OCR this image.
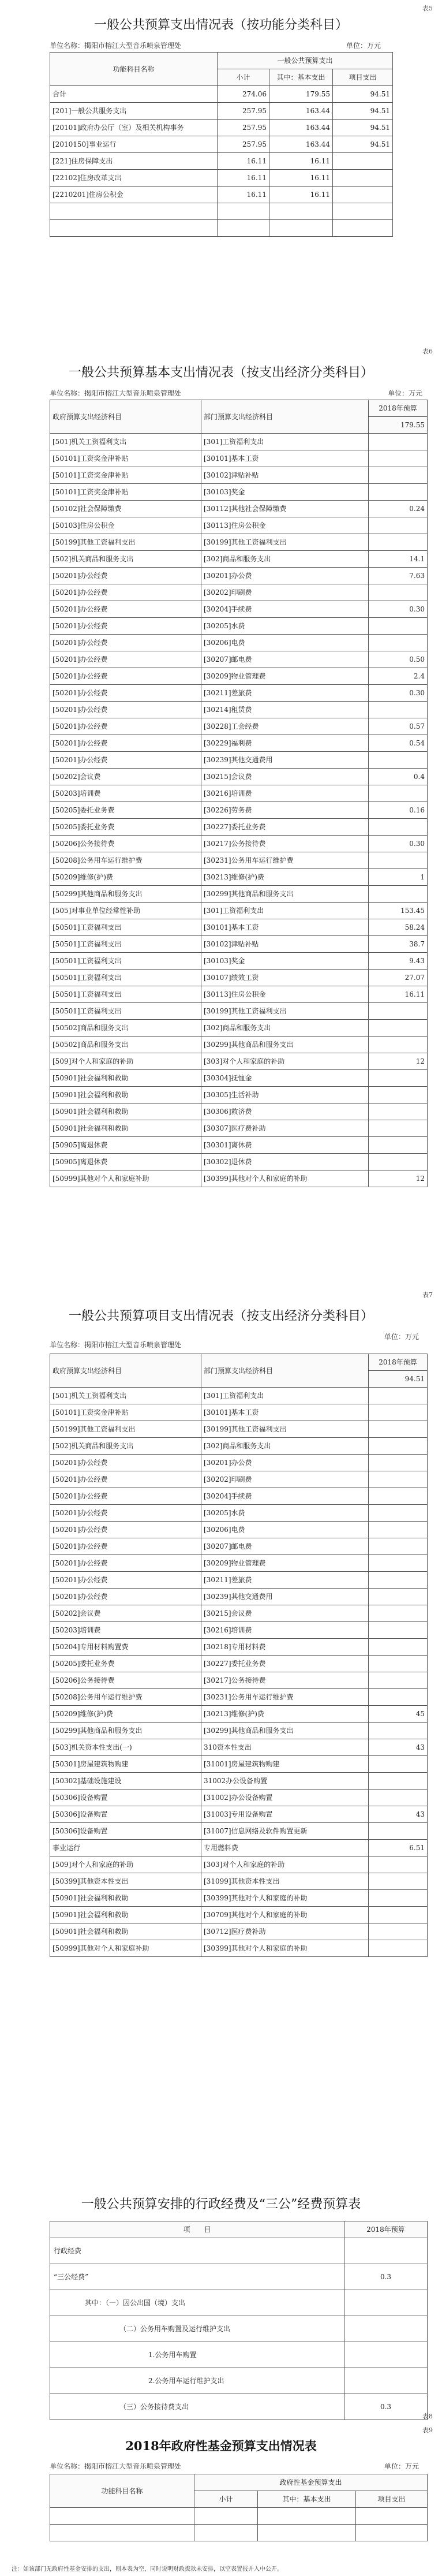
表5
一般公共预算支出情况表（按功能分类科目）
单位名称：揭阳市榕江大型音乐喷泉管理处	单位：万元
功能科目名称	一般公共预算支出		
	小计	其中：基本支出	项目支出
合计	274.06	179.55	94.51
[201]一般公共服务支出	257.95	163.44	94.51
[20101]政府办公厅（室）及相关机构事务	257.95	163.44	94.51
[2010150]事业运行	257.95	163.44	94.51
[221]住房保障支出	16.11	16.11	
[22102]住房改革支出	16.11	16.11	
[2210201]住房公积金	16.11	16.11	

表6
一般公共预算基本支出情况表（按支出经济分类科目）
单位名称：揭阳市榕江大型音乐喷泉管理处	单位：万元
政府预算支出经济科目	部门预算支出经济科目	2018年预算
		179.55
[501]机关工资福利支出	[301]工资福利支出	
[50101]工资奖金津补贴	[30101]基本工资	
[50101]工资奖金津补贴	[30102]津贴补贴	
[50101]工资奖金津补贴	[30103]奖金	
[50102]社会保障缴费	[30112]其他社会保障缴费	0.24
[50103]住房公积金	[30113]住房公积金	
[50199]其他工资福利支出	[30199]其他工资福利支出	
[502]机关商品和服务支出	[302]商品和服务支出	14.1
[50201]办公经费	[30201]办公费	7.63
[50201]办公经费	[30202]印刷费	
[50201]办公经费	[30204]手续费	0.30
[50201]办公经费	[30205]水费	
[50201]办公经费	[30206]电费	
[50201]办公经费	[30207]邮电费	0.50
[50201]办公经费	[30209]物业管理费	2.4
[50201]办公经费	[30211]差旅费	0.30
[50201]办公经费	[30214]租赁费	
[50201]办公经费	[30228]工会经费	0.57
[50201]办公经费	[30229]福利费	0.54
[50201]办公经费	[30239]其他交通费用	
[50202]会议费	[30215]会议费	0.4
[50203]培训费	[30216]培训费	
[50205]委托业务费	[30226]劳务费	0.16
[50205]委托业务费	[30227]委托业务费	
[50206]公务接待费	[30217]公务接待费	0.30
[50208]公务用车运行维护费	[30231]公务用车运行维护费	
[50209]维修(护)费	[30213]维修(护)费	1
[50299]其他商品和服务支出	[30299]其他商品和服务支出	
[505]对事业单位经常性补助	[301]工资福利支出	153.45
[50501]工资福利支出	[30101]基本工资	58.24
[50501]工资福利支出	[30102]津贴补贴	38.7
[50501]工资福利支出	[30103]奖金	9.43
[50501]工资福利支出	[30107]绩效工资	27.07
[50501]工资福利支出	[30113]住房公积金	16.11
[50501]工资福利支出	[30199]其他工资福利支出	
[50502]商品和服务支出	[302]商品和服务支出	
[50502]商品和服务支出	[30299]其他商品和服务支出	
[509]对个人和家庭的补助	[303]对个人和家庭的补助	12
[50901]社会福利和救助	[30304]抚恤金	
[50901]社会福利和救助	[30305]生活补助	
[50901]社会福利和救助	[30306]救济费	
[50901]社会福利和救助	[30307]医疗费补助	
[50905]离退休费	[30301]离休费	
[50905]离退休费	[30302]退休费	
[50999]其他对个人和家庭补助	[30399]其他对个人和家庭的补助	12
表7
一般公共预算项目支出情况表（按支出经济分类科目）
单位名称：揭阳市榕江大型音乐喷泉管理处
单位：万元
政府预算支出经济科目	部门预算支出经济科目	2018年预算
		94.51
[501]机关工资福利支出	[301]工资福利支出	
[50101]工资奖金津补贴	[30101]基本工资	
[50199]其他工资福利支出	[30199]其他工资福利支出	
[502]机关商品和服务支出	[302]商品和服务支出	
[50201]办公经费	[30201]办公费	
[50201]办公经费	[30202]印刷费	
[50201]办公经费	[30204]手续费	
[50201]办公经费	[30205]水费	
[50201]办公经费	[30206]电费	
[50201]办公经费	[30207]邮电费	
[50201]办公经费	[30209]物业管理费	
[50201]办公经费	[30211]差旅费	
[50201]办公经费	[30239]其他交通费用	
[50202]会议费	[30215]会议费	
[50203]培训费	[30216]培训费	
[50204]专用材料购置费	[30218]专用材料费	
[50205]委托业务费	[30227]委托业务费	
[50206]公务接待费	[30217]公务接待费	
[50208]公务用车运行维护费	[30231]公务用车运行维护费	
[50209]维修(护)费	[30213]维修(护)费	45
[50299]其他商品和服务支出	[30299]其他商品和服务支出	
[503]机关资本性支出(一)	310资本性支出	43
[50301]房屋建筑物购建	[31001]房屋建筑物购建	
[50302]基础设施建设	31002办公设备购置	
[50306]设备购置	[31002]办公设备购置	
[50306]设备购置	[31003]专用设备购置	43
[50306]设备购置	[31007]信息网络及软件购置更新	
事业运行	专用燃料费	6.51
[509]对个人和家庭的补助	[303]对个人和家庭的补助	
[50399]其他资本性支出	[31099]其他资本性支出	
[50901]社会福利和救助	[30399]其他对个人和家庭的补助	
[50901]社会福利和救助	[30709]其他对个人和家庭的补助	
[50901]社会福利和救助	[30712]医疗费补助	
[50999]其他对个人和家庭补助	[30399]其他对个人和家庭的补助	
一般公共预算安排的行政经费及“三公”经费预算表
项　　目	2018年预算
行政经费	
“三公经费”	0.3
其中：（一）因公出国（境）支出	
（二）公务用车购置及运行维护支出	
1.公务用车购置	
2.公务用车运行维护支出	
（三）公务接待费支出	0.3
表8
表9
2018年政府性基金预算支出情况表
单位名称：揭阳市榕江大型音乐喷泉管理处	单位：万元
功能科目名称	政府性基金预算支出		
	小计	其中：基本支出	项目支出

注：如该部门无政府性基金安排的支出，则本表为空，同时说明财政拨款未安排，以空表置报并入中公开。
